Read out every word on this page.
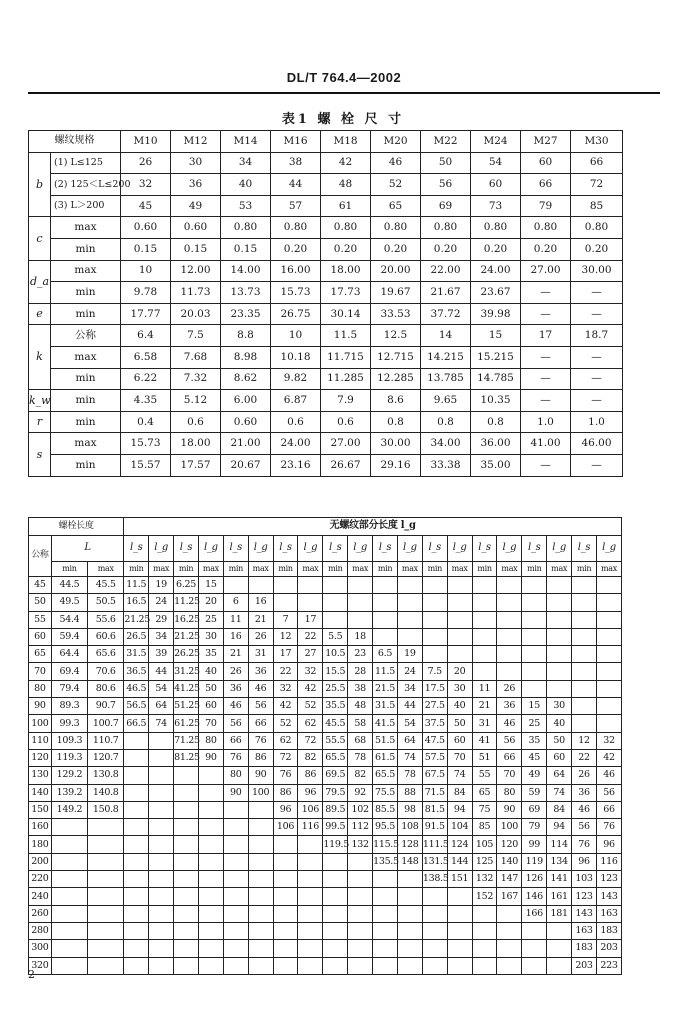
DL/T 764.4—2002
表1 螺 栓 尺 寸
螺纹规格		M10	M12	M14	M16	M18	M20	M22	M24	M27	M30
b	(1) L≤125	26	30	34	38	42	46	50	54	60	66
	(2) 125＜L≤200	32	36	40	44	48	52	56	60	66	72
	(3) L＞200	45	49	53	57	61	65	69	73	79	85
c	max	0.60	0.60	0.80	0.80	0.80	0.80	0.80	0.80	0.80	0.80
	min	0.15	0.15	0.15	0.20	0.20	0.20	0.20	0.20	0.20	0.20
d_a	max	10	12.00	14.00	16.00	18.00	20.00	22.00	24.00	27.00	30.00
	min	9.78	11.73	13.73	15.73	17.73	19.67	21.67	23.67	—	—
e	min	17.77	20.03	23.35	26.75	30.14	33.53	37.72	39.98	—	—
k	公称	6.4	7.5	8.8	10	11.5	12.5	14	15	17	18.7
	max	6.58	7.68	8.98	10.18	11.715	12.715	14.215	15.215	—	—
	min	6.22	7.32	8.62	9.82	11.285	12.285	13.785	14.785	—	—
k_w	min	4.35	5.12	6.00	6.87	7.9	8.6	9.65	10.35	—	—
r	min	0.4	0.6	0.60	0.6	0.6	0.8	0.8	0.8	1.0	1.0
s	max	15.73	18.00	21.00	24.00	27.00	30.00	34.00	36.00	41.00	46.00
	min	15.57	17.57	20.67	23.16	26.67	29.16	33.38	35.00	—	—
螺栓长度			无螺纹部分长度 l_g																			
公称	L		l_s	l_g	l_s	l_g	l_s	l_g	l_s	l_g	l_s	l_g	l_s	l_g	l_s	l_g	l_s	l_g	l_s	l_g	l_s	l_g
	min	max	min	max	min	max	min	max	min	max	min	max	min	max	min	max	min	max	min	max	min	max
45	44.5	45.5	11.5	19	6.25	15																
50	49.5	50.5	16.5	24	11.25	20	6	16														
55	54.4	55.6	21.25	29	16.25	25	11	21	7	17												
60	59.4	60.6	26.5	34	21.25	30	16	26	12	22	5.5	18										
65	64.4	65.6	31.5	39	26.25	35	21	31	17	27	10.5	23	6.5	19								
70	69.4	70.6	36.5	44	31.25	40	26	36	22	32	15.5	28	11.5	24	7.5	20						
80	79.4	80.6	46.5	54	41.25	50	36	46	32	42	25.5	38	21.5	34	17.5	30	11	26				
90	89.3	90.7	56.5	64	51.25	60	46	56	42	52	35.5	48	31.5	44	27.5	40	21	36	15	30		
100	99.3	100.7	66.5	74	61.25	70	56	66	52	62	45.5	58	41.5	54	37.5	50	31	46	25	40		
110	109.3	110.7			71.25	80	66	76	62	72	55.5	68	51.5	64	47.5	60	41	56	35	50	12	32
120	119.3	120.7			81.25	90	76	86	72	82	65.5	78	61.5	74	57.5	70	51	66	45	60	22	42
130	129.2	130.8					80	90	76	86	69.5	82	65.5	78	67.5	74	55	70	49	64	26	46
140	139.2	140.8					90	100	86	96	79.5	92	75.5	88	71.5	84	65	80	59	74	36	56
150	149.2	150.8							96	106	89.5	102	85.5	98	81.5	94	75	90	69	84	46	66
160									106	116	99.5	112	95.5	108	91.5	104	85	100	79	94	56	76
180											119.5	132	115.5	128	111.5	124	105	120	99	114	76	96
200													135.5	148	131.5	144	125	140	119	134	96	116
220															138.5	151	132	147	126	141	103	123
240																	152	167	146	161	123	143
260																			166	181	143	163
280																					163	183
300																					183	203
320																					203	223
2
